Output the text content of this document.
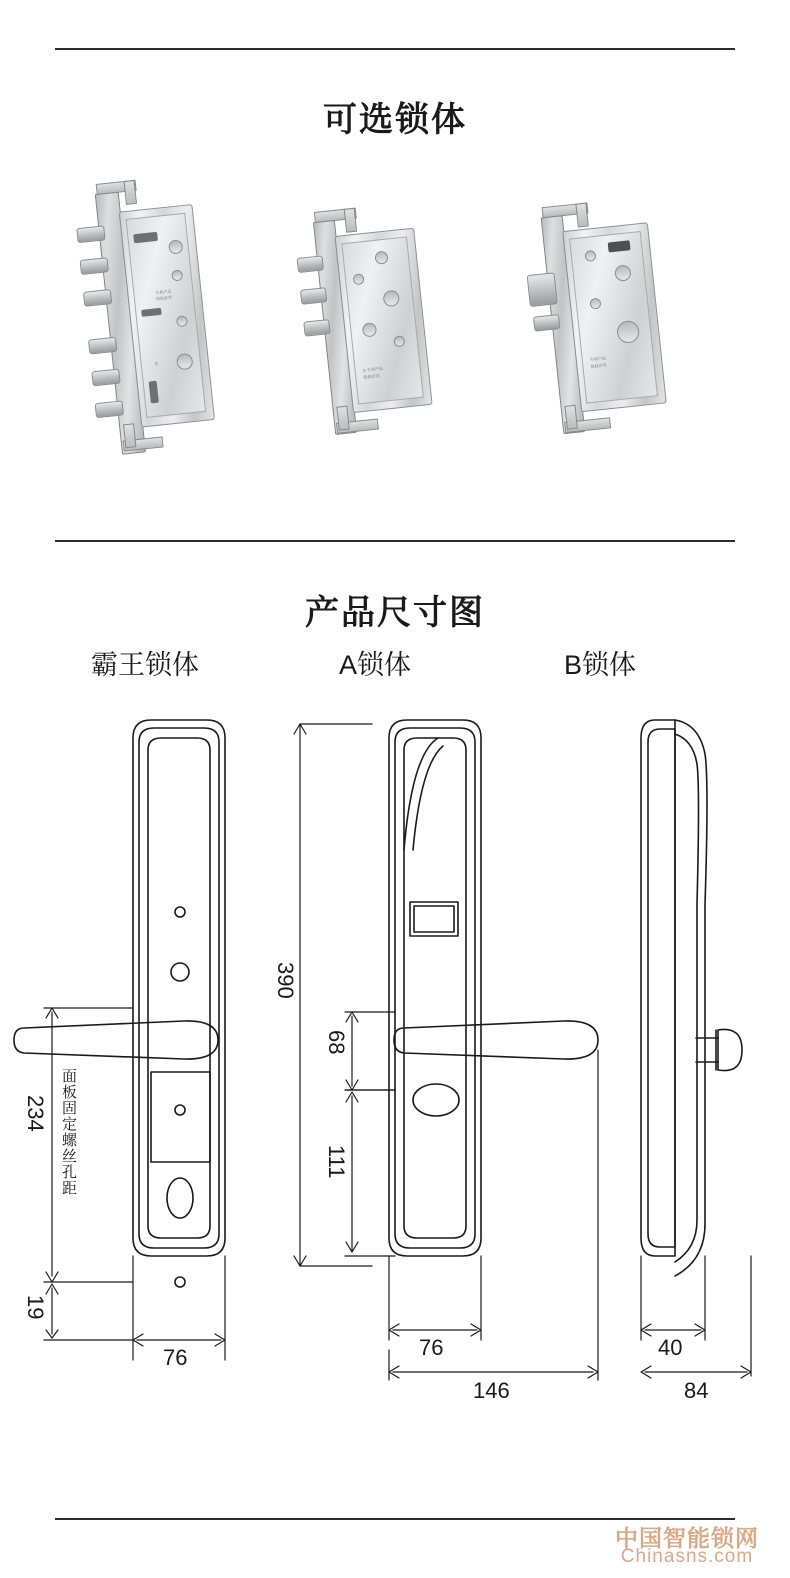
可选锁体
专利产品
侵权必究
ღ
霸王锁体
ღ 专利产品
侵权必究
A锁体
专利产品
侵权必究
B锁体
产品尺寸图
234 面板固定螺丝孔距
19
76
390
68
111
76
146
40
84
中国智能锁网
Chinasns.com
